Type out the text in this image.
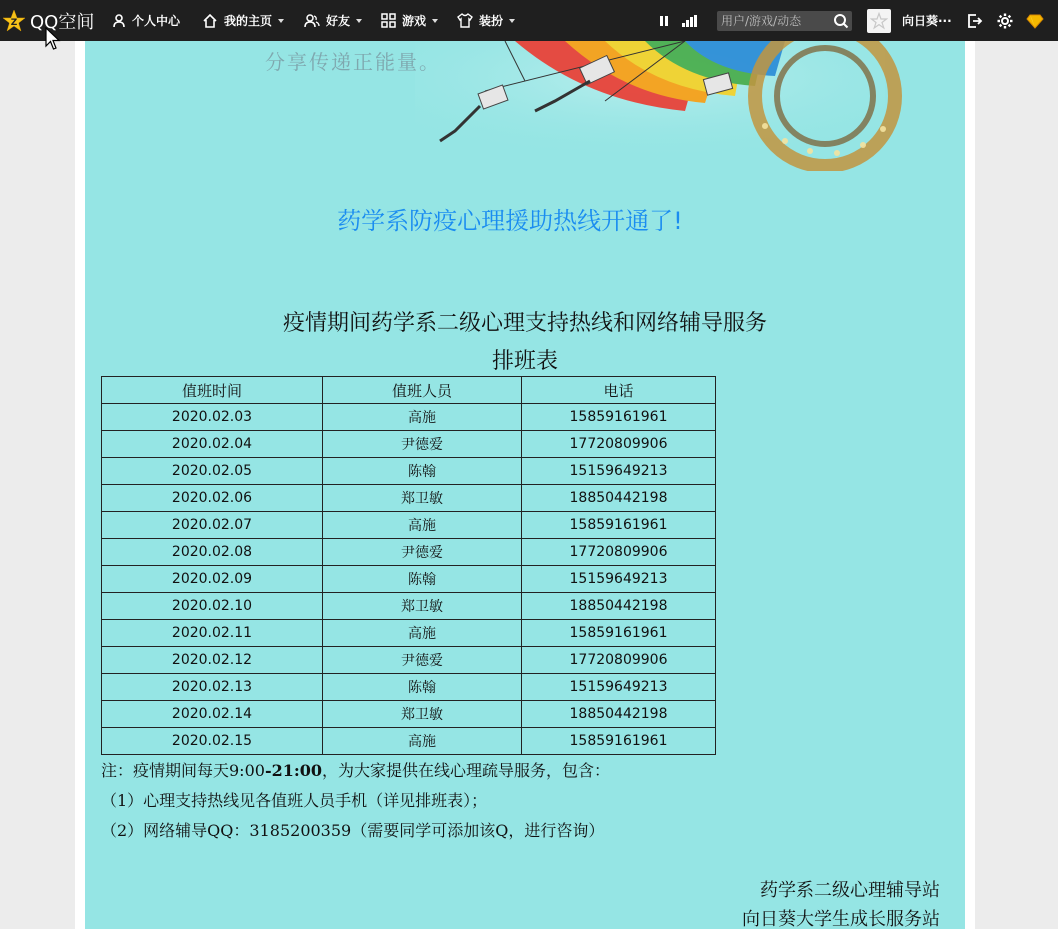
Z QQ空间	个人中心	我的主页	好友	游戏	装扮
用户/游戏/动态	向日葵···
分享传递正能量。
药学系防疫心理援助热线开通了!
疫情期间药学系二级心理支持热线和网络辅导服务
排班表
值班时间	值班人员	电话
2020.02.03	高施	15859161961
2020.02.04	尹德爱	17720809906
2020.02.05	陈翰	15159649213
2020.02.06	郑卫敏	18850442198
2020.02.07	高施	15859161961
2020.02.08	尹德爱	17720809906
2020.02.09	陈翰	15159649213
2020.02.10	郑卫敏	18850442198
2020.02.11	高施	15859161961
2020.02.12	尹德爱	17720809906
2020.02.13	陈翰	15159649213
2020.02.14	郑卫敏	18850442198
2020.02.15	高施	15859161961
注：疫情期间每天9:00-21:00，为大家提供在线心理疏导服务，包含：
（1）心理支持热线见各值班人员手机（详见排班表）；
（2）网络辅导QQ：3185200359（需要同学可添加该Q，进行咨询）
药学系二级心理辅导站
向日葵大学生成长服务站
